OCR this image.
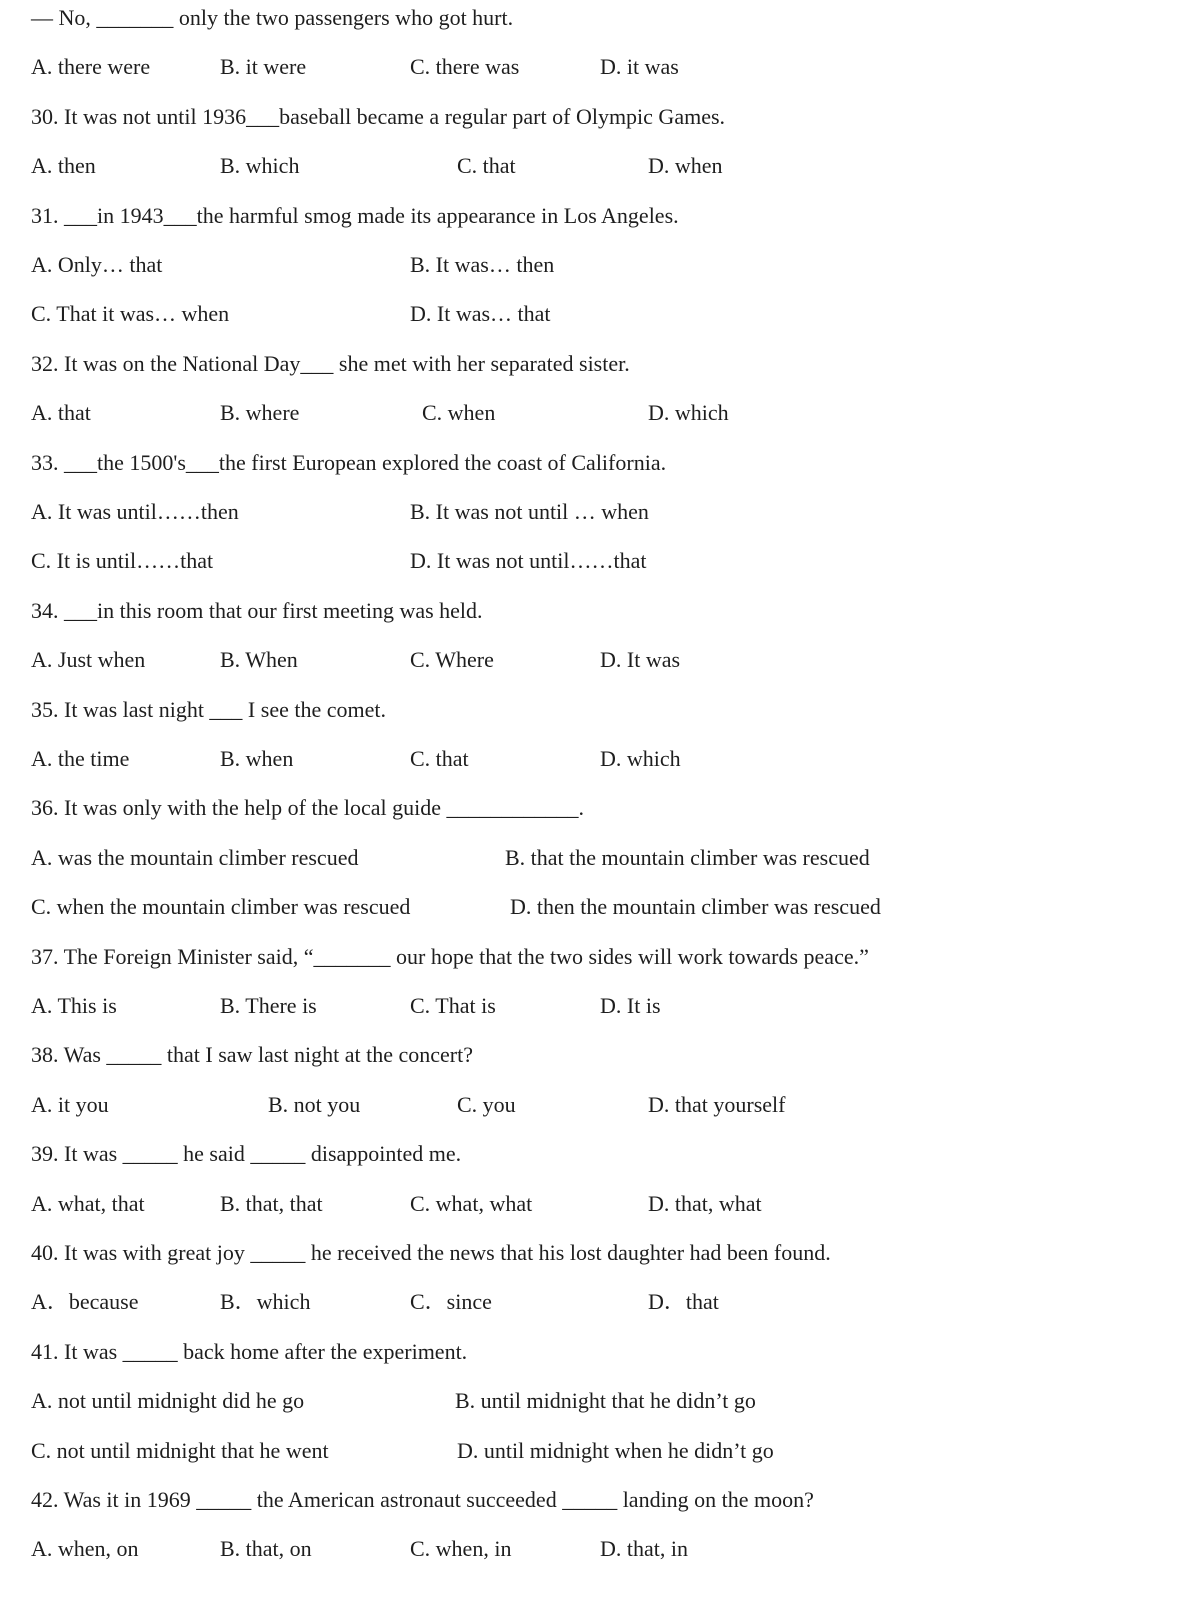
— No, _______ only the two passengers who got hurt.
A. there were	B. it were	C. there was	D. it was
30. It was not until 1936___baseball became a regular part of Olympic Games.
A. then	B. which	C. that	D. when
31. ___in 1943___the harmful smog made its appearance in Los Angeles.
A. Only… that	B. It was… then
C. That it was… when	D. It was… that
32. It was on the National Day___ she met with her separated sister.
A. that	B. where	C. when	D. which
33. ___the 1500's___the first European explored the coast of California.
A. It was until……then	B. It was not until … when
C. It is until……that	D. It was not until……that
34. ___in this room that our first meeting was held.
A. Just when	B. When	C. Where	D. It was
35. It was last night ___ I see the comet.
A. the time	B. when	C. that	D. which
36. It was only with the help of the local guide ____________.
A. was the mountain climber rescued	B. that the mountain climber was rescued
C. when the mountain climber was rescued	D. then the mountain climber was rescued
37. The Foreign Minister said, “_______ our hope that the two sides will work towards peace.”
A. This is	B. There is	C. That is	D. It is
38. Was _____ that I saw last night at the concert?
A. it you	B. not you	C. you	D. that yourself
39. It was _____ he said _____ disappointed me.
A. what, that	B. that, that	C. what, what	D. that, what
40. It was with great joy _____ he received the news that his lost daughter had been found.
A．because	B．which	C．since	D．that
41. It was _____ back home after the experiment.
A. not until midnight did he go	B. until midnight that he didn’t go
C. not until midnight that he went	D. until midnight when he didn’t go
42. Was it in 1969 _____ the American astronaut succeeded _____ landing on the moon?
A. when, on	B. that, on	C. when, in	D. that, in
